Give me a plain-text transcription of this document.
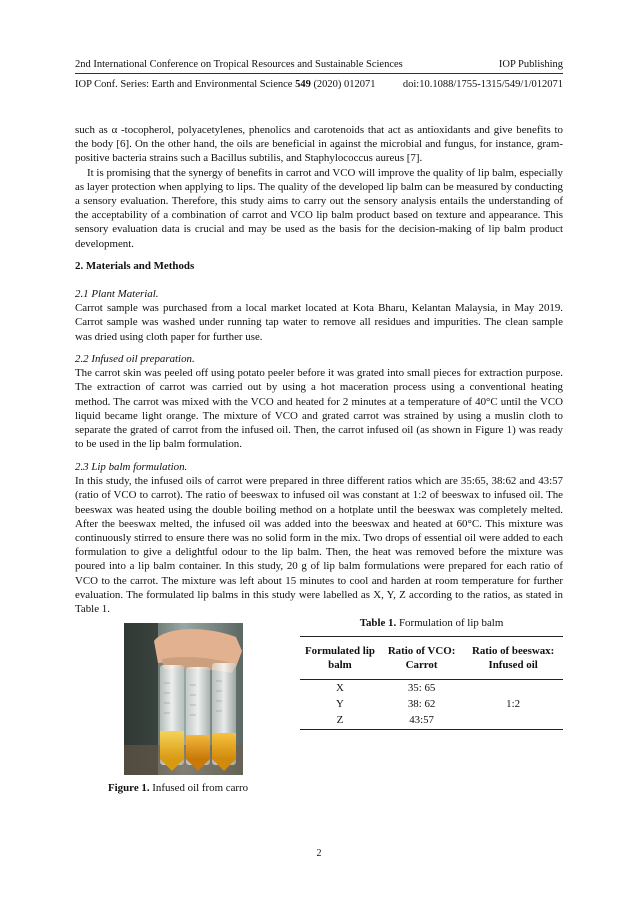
2nd International Conference on Tropical Resources and Sustainable Sciences	IOP Publishing
IOP Conf. Series: Earth and Environmental Science 549 (2020) 012071	doi:10.1088/1755-1315/549/1/012071

such as α -tocopherol, polyacetylenes, phenolics and carotenoids that act as antioxidants and give benefits to the body [6]. On the other hand, the oils are beneficial in against the microbial and fungus, for instance, gram-positive bacteria strains such a Bacillus subtilis, and Staphylococcus aureus [7].

It is promising that the synergy of benefits in carrot and VCO will improve the quality of lip balm, especially as layer protection when applying to lips. The quality of the developed lip balm can be measured by conducting a sensory evaluation. Therefore, this study aims to carry out the sensory analysis entails the understanding of the acceptability of a combination of carrot and VCO lip balm product based on texture and appearance. This sensory evaluation data is crucial and may be used as the basis for the decision-making of lip balm product development.

2. Materials and Methods

2.1 Plant Material.

Carrot sample was purchased from a local market located at Kota Bharu, Kelantan Malaysia, in May 2019. Carrot sample was washed under running tap water to remove all residues and impurities. The clean sample was dried using cloth paper for further use.

2.2 Infused oil preparation.

The carrot skin was peeled off using potato peeler before it was grated into small pieces for extraction purpose. The extraction of carrot was carried out by using a hot maceration process using a conventional heating method. The carrot was mixed with the VCO and heated for 2 minutes at a temperature of 40°C until the VCO liquid became light orange. The mixture of VCO and grated carrot was strained by using a muslin cloth to separate the grated of carrot from the infused oil. Then, the carrot infused oil (as shown in Figure 1) was ready to be used in the lip balm formulation.

2.3 Lip balm formulation.

In this study, the infused oils of carrot were prepared in three different ratios which are 35:65, 38:62 and 43:57 (ratio of VCO to carrot). The ratio of beeswax to infused oil was constant at 1:2 of beeswax to infused oil. The beeswax was heated using the double boiling method on a hotplate until the beeswax was completely melted. After the beeswax melted, the infused oil was added into the beeswax and heated at 60°C. This mixture was continuously stirred to ensure there was no solid form in the mix. Two drops of essential oil were added to each formulation to give a delightful odour to the lip balm. Then, the heat was removed before the mixture was poured into a lip balm container. In this study, 20 g of lip balm formulations were prepared for each ratio of VCO to the carrot. The mixture was left about 15 minutes to cool and harden at room temperature for further evaluation. The formulated lip balms in this study were labelled as X, Y, Z according to the ratios, as stated in Table 1.

Figure 1. Infused oil from carro
Table 1. Formulation of lip balm
Formulated lip balm	Ratio of VCO: Carrot	Ratio of beeswax: Infused oil
X	35: 65	1:2
Y	38: 62	
Z	43:57	
2
